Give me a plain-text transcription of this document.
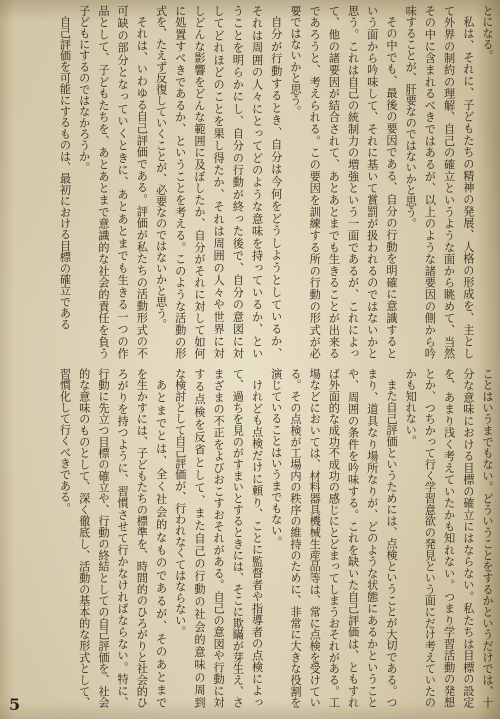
とになる。
私は、それに、子どもたちの精神の発展、人格の形成を、主とし
て外界の制約の理解、自己の確立というような面から眺めて、当然
その中に含まれるべきではあるが、以上のような諸要因の側から吟
味することが、肝要なのではないかと思う。
その中でも、最後の要因である、自分の行動を明確に意識すると
いう面から吟味して、それに基いて賞罰が扱われるのではないかと
思う。これは自己の統制力の増強という一面であるが、これによっ
て、他の諸要因が結合されて、あとあとまでも生きることが出来る
であろうと、考えられる。この要因を訓練する所の行動の形式が必
要ではないかと思う。
自分が行動するとき、自分は今何をどうしようとしているか、
それは周囲の人々にとってどのような意味を持っているか、とい
うことを明らかにし、自分の行動が終った後で、自分の意図に対
してどれほどのことを果し得たか、それは周囲の人々や世界に対
しどんな影響をどんな範囲に及ぼしたか、自分がそれに対して如何
に処置すべきであるか、ということを考える。このような活動の形
式を、たえず反復していくことが、必要なのではないかと思う。
それは、いわゆる自己評価である。評価が私たちの活動形式の不
可缺の部分となっていくときに、あとあとまでも生きる一つの作
品として、子どもたちを、あとあとまで意識的な社会的責任を負う
子どもにするのではなかろうか。
自己評価を可能にするものは、最初における目標の確立である
ことはいうまでもない。どういうことをするかというだけでは、十
分な意味における目標の確立にはならない。私たちは目標の設定
を、あまり浅く考えていたかも知れない。つまり学習活動の発想
とか、つちかって行く学習意欲の発見という面にだけ考えていたの
かも知れない。
また自己評価というためには、点検ということが大切である。つ
まり、道具なり場所なりが、どのような状態にあるかということ
や、周囲の条件を吟味する。これを缺いた自己評価は、ともすれ
ば外面的な成功不成功の感じにとどまってしまうおそれがある。工
場などにおいては、材料器具機械生産品等は、常に点検を受けてい
る。その点検が工場内の秩序の維持のために、非常に大きな役割を
演じていることはいうまでもない。
けれども点検だけに頼り、ことに監督者や指導者の点検によっ
て、過ちを見のがすまいとするときには、そこに欺瞞が芽生え、さ
まざまの不正をよびおこすおそれがある。自己の意図や行動に対
する点検を反省として、また自己の行動の社会的意味の周到
な検討として自己評価が、行われなくてはならない。
あとまでとは、全く社会的なものであるが、そのあとまで
を生かすには、子どもたちの標準を、時間的のひろがりと社会的ひ
ろがりを持つように、習慣させて行かなければならない。特に、
行動に先立つ目標の確立や、行動の終結としての自己評価を、社会
的な意味のものとして、深く徹底し、活動の基本的な形式として、
習慣化して行くべきである。
5
